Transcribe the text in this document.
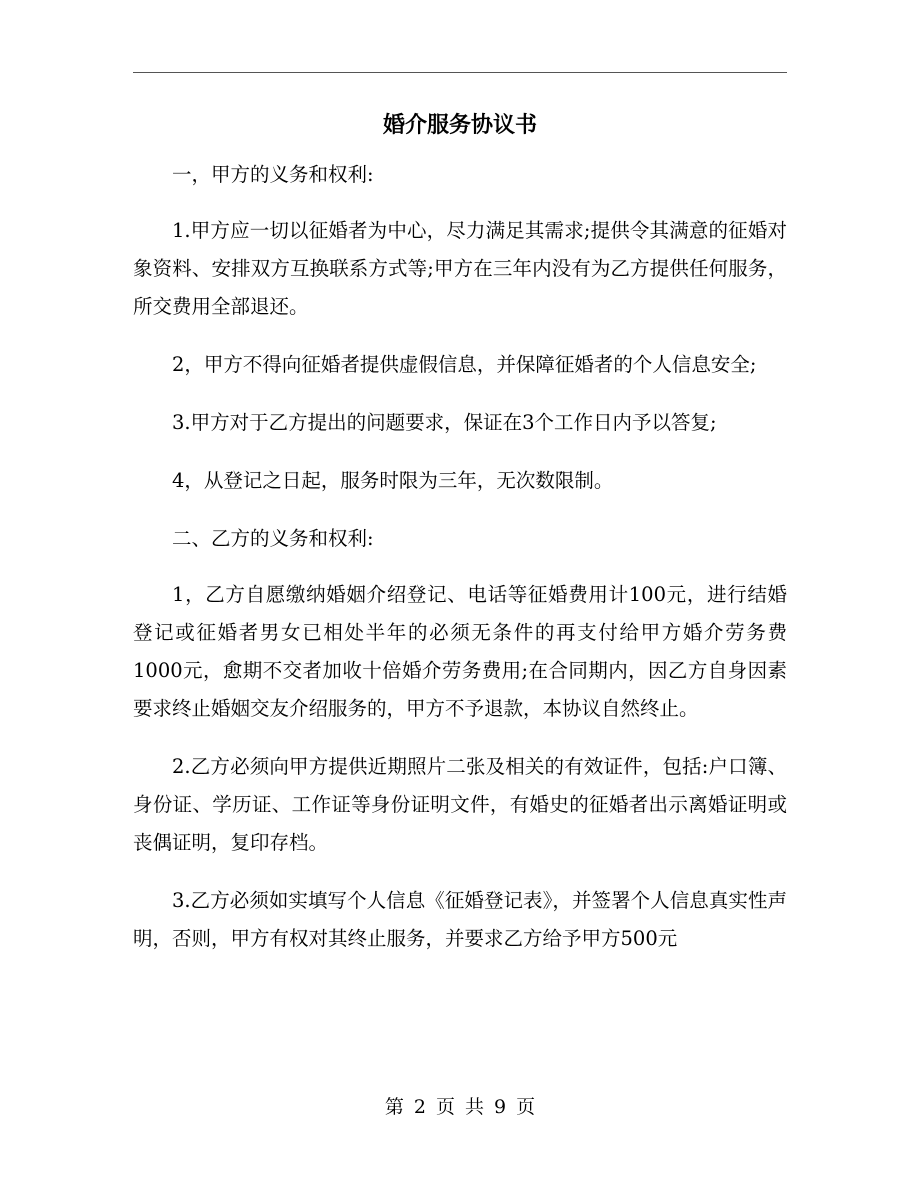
婚介服务协议书

一，甲方的义务和权利:

1.甲方应一切以征婚者为中心，尽力满足其需求;提供令其满意的征婚对象资料、安排双方互换联系方式等;甲方在三年内没有为乙方提供任何服务，所交费用全部退还。

2，甲方不得向征婚者提供虚假信息，并保障征婚者的个人信息安全;

3.甲方对于乙方提出的问题要求，保证在3个工作日内予以答复;

4，从登记之日起，服务时限为三年，无次数限制。

二、乙方的义务和权利:

1，乙方自愿缴纳婚姻介绍登记、电话等征婚费用计100元，进行结婚登记或征婚者男女已相处半年的必须无条件的再支付给甲方婚介劳务费1000元，愈期不交者加收十倍婚介劳务费用;在合同期内，因乙方自身因素要求终止婚姻交友介绍服务的，甲方不予退款，本协议自然终止。

2.乙方必须向甲方提供近期照片二张及相关的有效证件，包括:户口簿、身份证、学历证、工作证等身份证明文件，有婚史的征婚者出示离婚证明或丧偶证明，复印存档。

3.乙方必须如实填写个人信息《征婚登记表》，并签署个人信息真实性声明，否则，甲方有权对其终止服务，并要求乙方给予甲方500元

第 2 页 共 9 页
